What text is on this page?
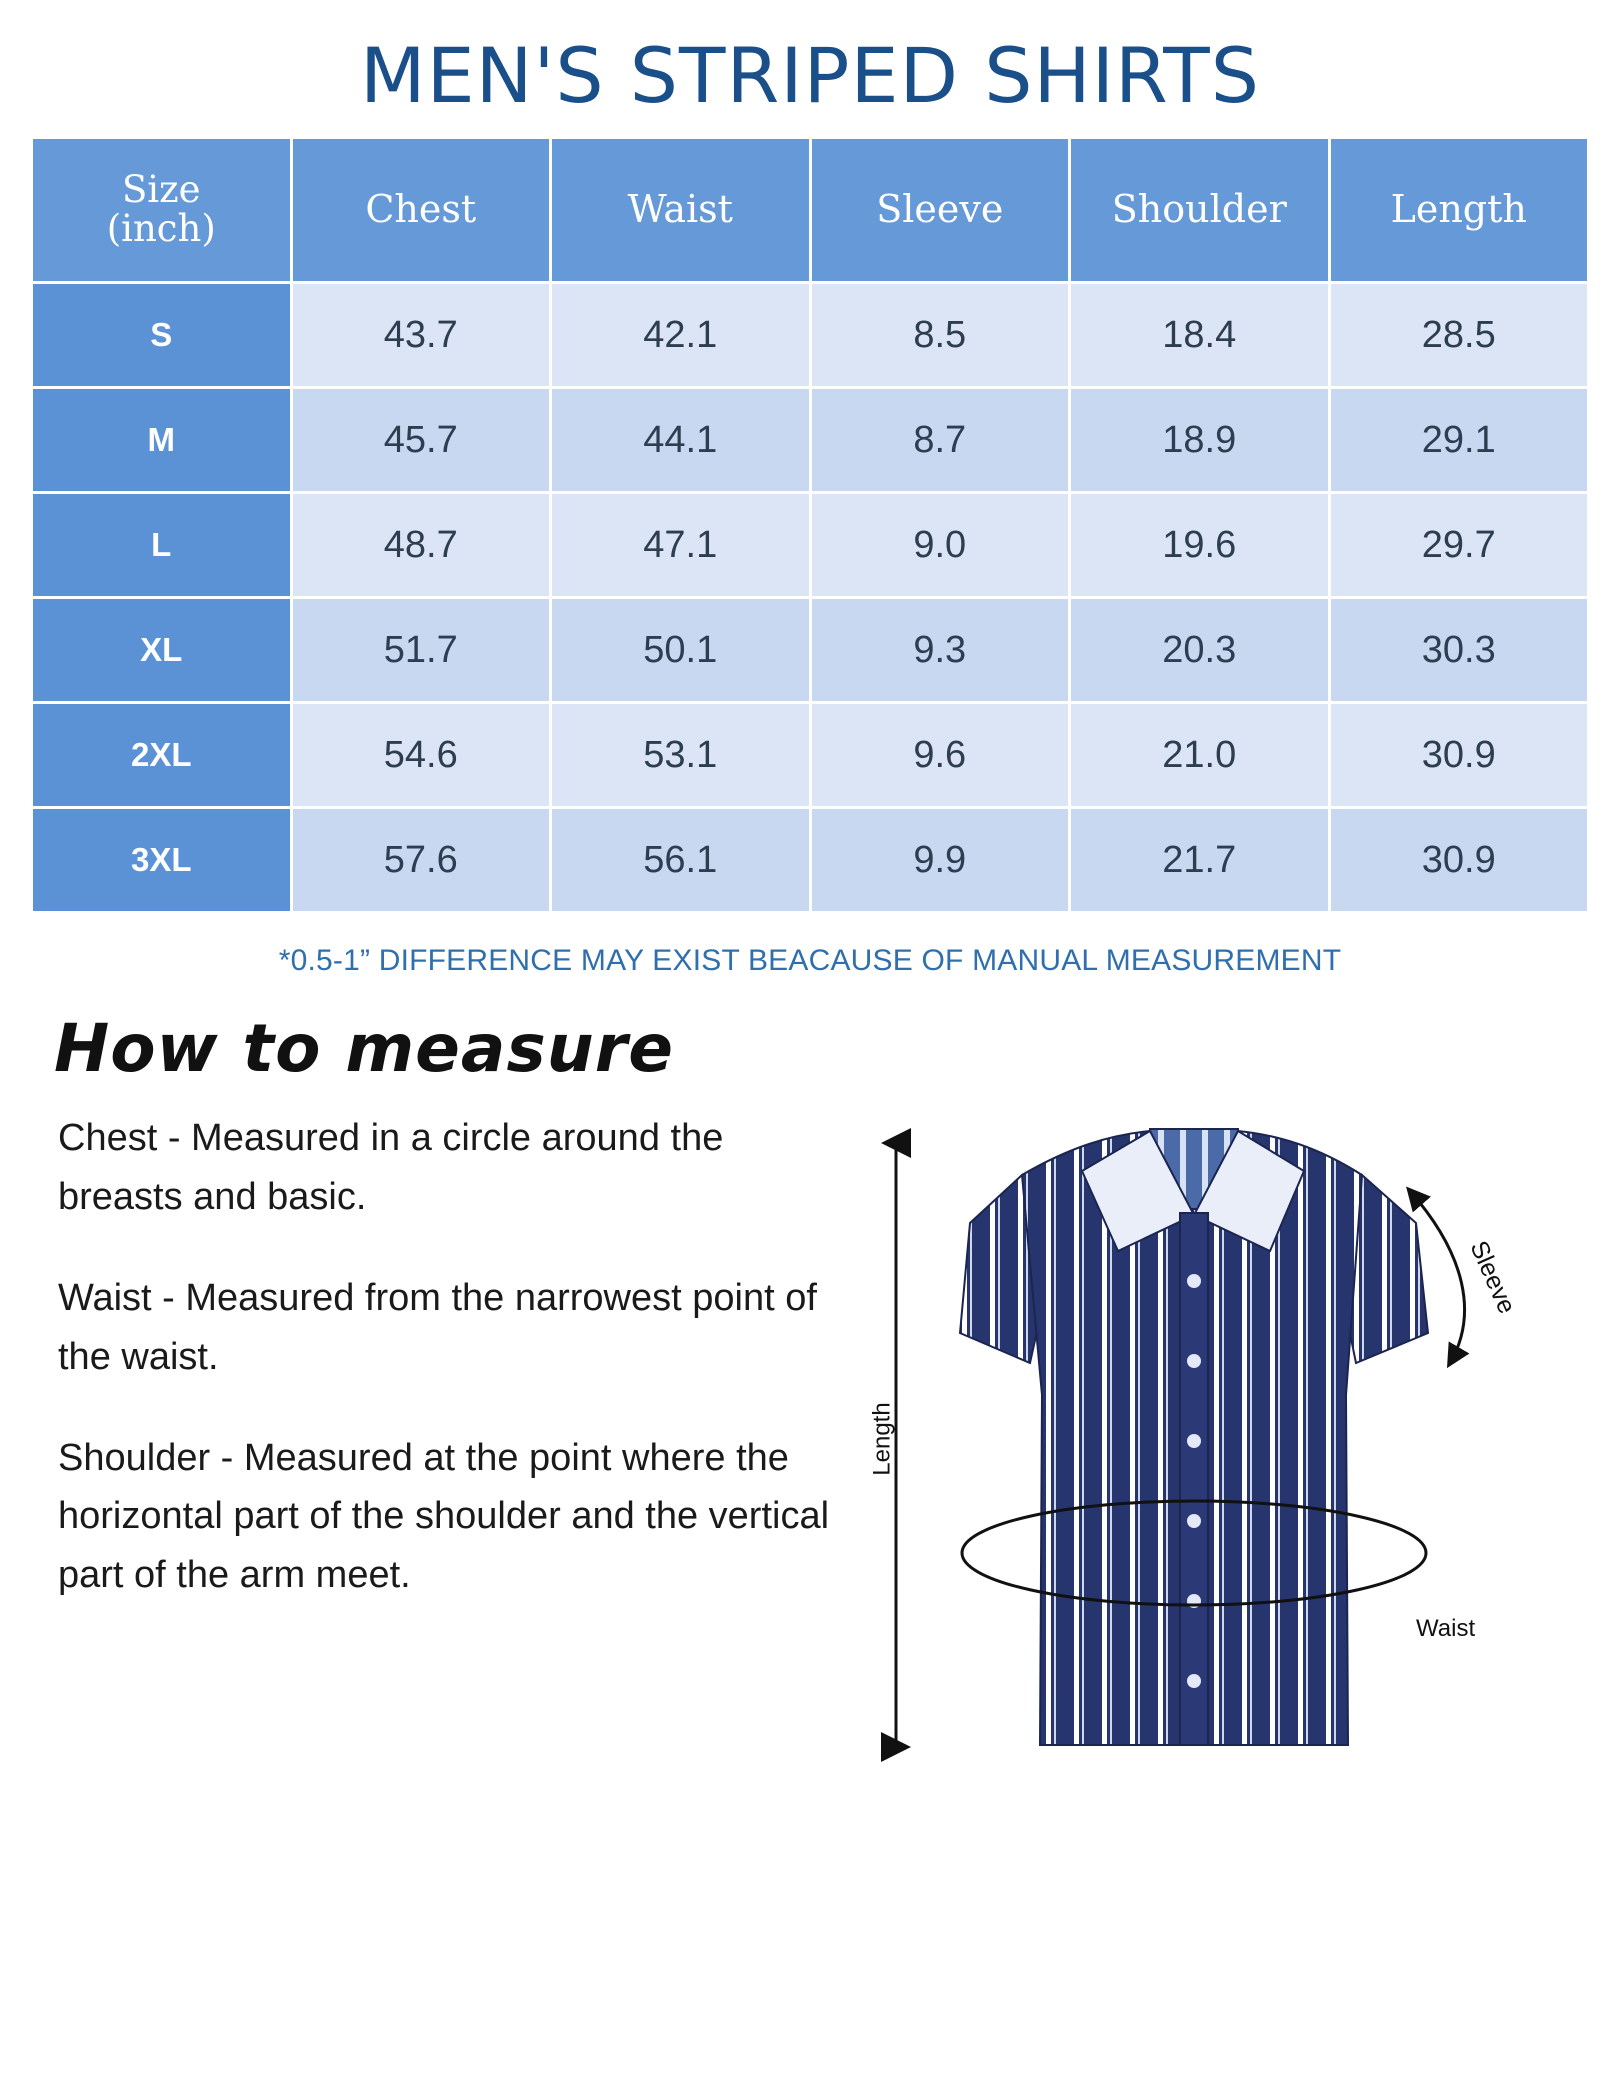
MEN'S STRIPED SHIRTS
Size
(inch)	Chest	Waist	Sleeve	Shoulder	Length
S	43.7	42.1	8.5	18.4	28.5
M	45.7	44.1	8.7	18.9	29.1
L	48.7	47.1	9.0	19.6	29.7
XL	51.7	50.1	9.3	20.3	30.3
2XL	54.6	53.1	9.6	21.0	30.9
3XL	57.6	56.1	9.9	21.7	30.9
*0.5-1” DIFFERENCE MAY EXIST BEACAUSE OF MANUAL MEASUREMENT
How to measure

Chest - Measured in a circle around the breasts and basic.

Waist - Measured from the narrowest point of the waist.

Shoulder - Measured at the point where the horizontal part of the shoulder and the vertical part of the arm meet.

Length
Sleeve
Waist
